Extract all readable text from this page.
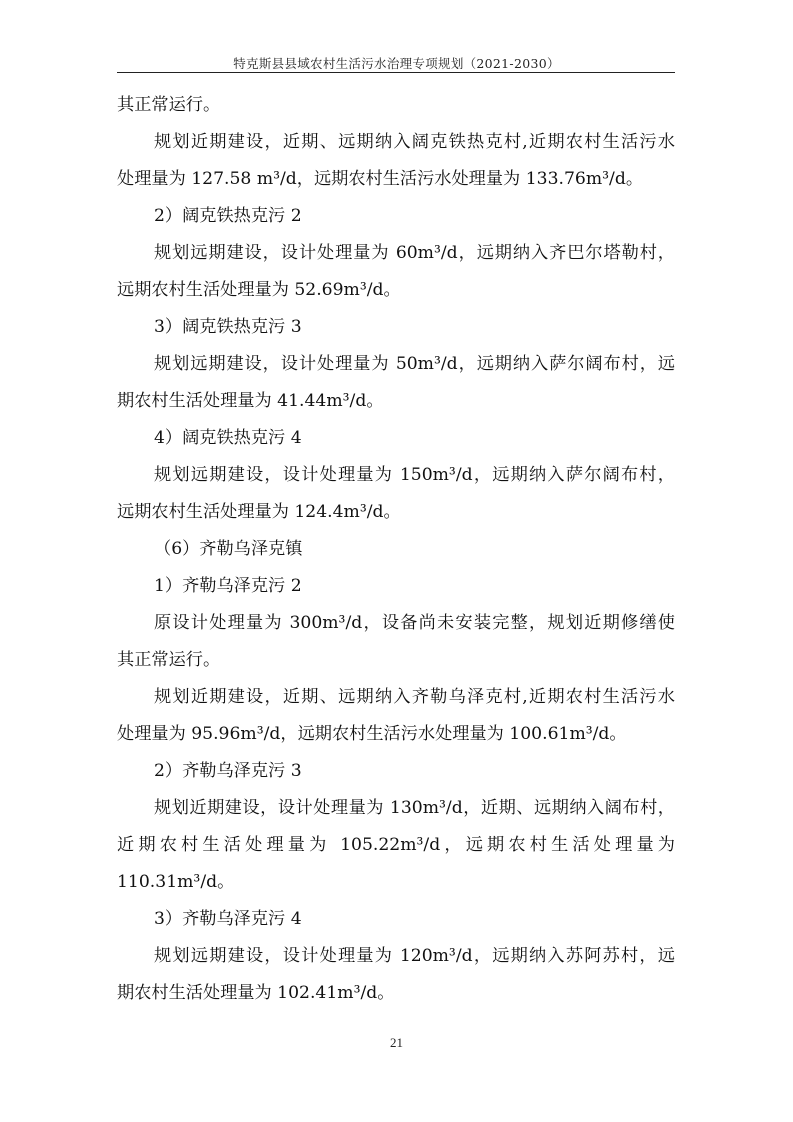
特克斯县县域农村生活污水治理专项规划（2021-2030）
其正常运行。
规划近期建设，近期、远期纳入阔克铁热克村,近期农村生活污水
处理量为 127.58 m³/d，远期农村生活污水处理量为 133.76m³/d。
2）阔克铁热克污 2
规划远期建设，设计处理量为 60m³/d，远期纳入齐巴尔塔勒村，
远期农村生活处理量为 52.69m³/d。
3）阔克铁热克污 3
规划远期建设，设计处理量为 50m³/d，远期纳入萨尔阔布村，远
期农村生活处理量为 41.44m³/d。
4）阔克铁热克污 4
规划远期建设，设计处理量为 150m³/d，远期纳入萨尔阔布村，
远期农村生活处理量为 124.4m³/d。
（6）齐勒乌泽克镇
1）齐勒乌泽克污 2
原设计处理量为 300m³/d，设备尚未安装完整，规划近期修缮使
其正常运行。
规划近期建设，近期、远期纳入齐勒乌泽克村,近期农村生活污水
处理量为 95.96m³/d，远期农村生活污水处理量为 100.61m³/d。
2）齐勒乌泽克污 3
规划近期建设，设计处理量为 130m³/d，近期、远期纳入阔布村，
近期农村生活处理量为 105.22m³/d，远期农村生活处理量为
110.31m³/d。
3）齐勒乌泽克污 4
规划远期建设，设计处理量为 120m³/d，远期纳入苏阿苏村，远
期农村生活处理量为 102.41m³/d。
21
